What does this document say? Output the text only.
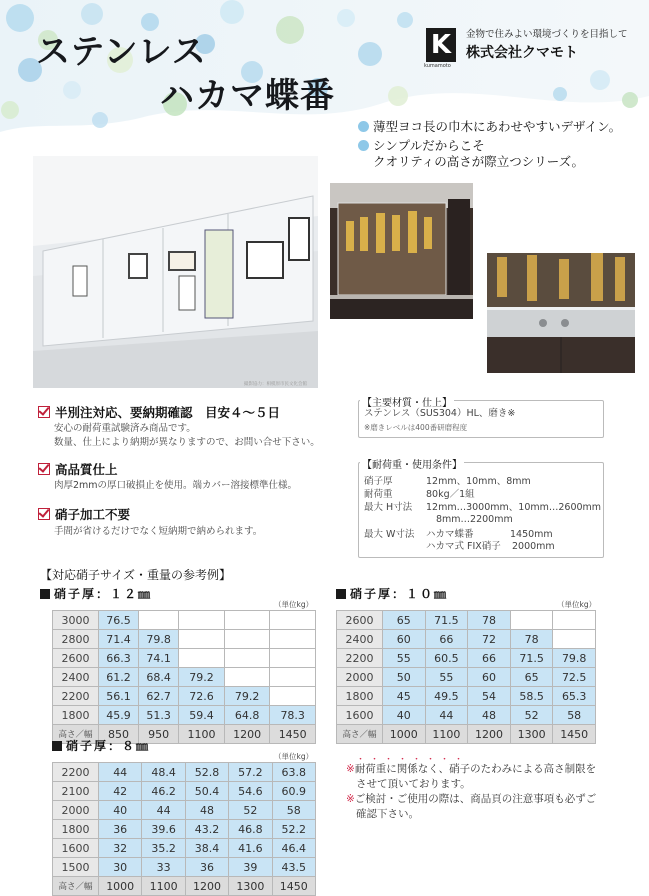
ステンレス
ハカマ蝶番
K
kumamoto
金物で住みよい環境づくりを目指して
株式会社クマモト
薄型ヨコ長の巾木にあわせやすいデザイン。
シンプルだからこそ
クオリティの高さが際立つシリーズ。
撮影協力：相模原市民文化会館
半別注対応、要納期確認　目安４～５日
安心の耐荷重試験済み商品です。
数量、仕上により納期が異なりますので、お問い合せ下さい。
高品質仕上
肉厚2mmの厚口破損止を使用。端カバー溶接標準仕様。
硝子加工不要
手間が省けるだけでなく短納期で納められます。
【主要材質・仕上】
ステンレス（SUS304）HL、磨き※
※磨きレベルは400番研磨程度
【耐荷重・使用条件】
硝子厚	12mm、10mm、8mm
耐荷重	80kg／1組
最大 H寸法 12mm…3000mm、10mm…2600mm
8mm…2200mm
最大 W寸法 ハカマ蝶番	1450mm
ハカマ式 FIX硝子 2000mm
【対応硝子サイズ・重量の参考例】
硝子厚：１２㎜
（単位kg）
3000	76.5				
2800	71.4	79.8			
2600	66.3	74.1			
2400	61.2	68.4	79.2		
2200	56.1	62.7	72.6	79.2	
1800	45.9	51.3	59.4	64.8	78.3
高さ／幅	850	950	1100	1200	1450
硝子厚：１０㎜
（単位kg）
2600	65	71.5	78		
2400	60	66	72	78	
2200	55	60.5	66	71.5	79.8
2000	50	55	60	65	72.5
1800	45	49.5	54	58.5	65.3
1600	40	44	48	52	58
高さ／幅	1000	1100	1200	1300	1450
硝子厚：８㎜
（単位kg）
2200	44	48.4	52.8	57.2	63.8
2100	42	46.2	50.4	54.6	60.9
2000	40	44	48	52	58
1800	36	39.6	43.2	46.8	52.2
1600	32	35.2	38.4	41.6	46.4
1500	30	33	36	39	43.5
高さ／幅	1000	1100	1200	1300	1450
・・・・・・・・
※耐荷重に関係なく、硝子のたわみによる高さ制限を
させて頂いております。
※ご検討・ご使用の際は、商品頁の注意事項も必ずご
確認下さい。
